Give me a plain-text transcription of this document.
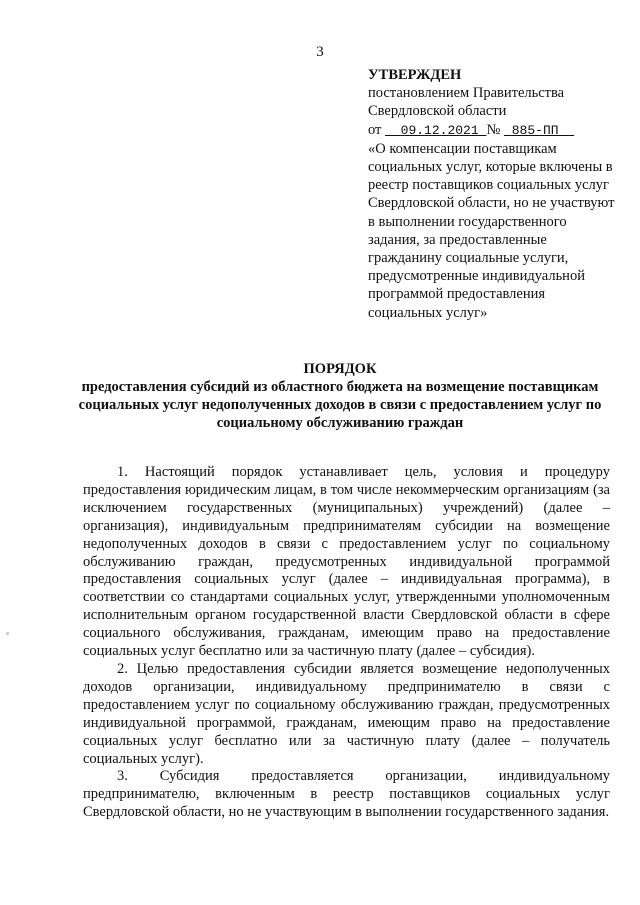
3
УТВЕРЖДЕН
постановлением Правительства
Свердловской области
от 09.12.2021 № 885-ПП
«О компенсации поставщикам социальных услуг, которые включены в реестр поставщиков социальных услуг Свердловской области, но не участвуют в выполнении государственного задания, за предоставленные гражданину социальные услуги, предусмотренные индивидуальной программой предоставления социальных услуг»
ПОРЯДОК
предоставления субсидий из областного бюджета на возмещение поставщикам социальных услуг недополученных доходов в связи с предоставлением услуг по социальному обслуживанию граждан

1. Настоящий порядок устанавливает цель, условия и процедуру предоставления юридическим лицам, в том числе некоммерческим организациям (за исключением государственных (муниципальных) учреждений) (далее – организация), индивидуальным предпринимателям субсидии на возмещение недополученных доходов в связи с предоставлением услуг по социальному обслуживанию граждан, предусмотренных индивидуальной программой предоставления социальных услуг (далее – индивидуальная программа), в соответствии со стандартами социальных услуг, утвержденными уполномоченным исполнительным органом государственной власти Свердловской области в сфере социального обслуживания, гражданам, имеющим право на предоставление социальных услуг бесплатно или за частичную плату (далее – субсидия).

2. Целью предоставления субсидии является возмещение недополученных доходов организации, индивидуальному предпринимателю в связи с предоставлением услуг по социальному обслуживанию граждан, предусмотренных индивидуальной программой, гражданам, имеющим право на предоставление социальных услуг бесплатно или за частичную плату (далее – получатель социальных услуг).

3. Субсидия предоставляется организации, индивидуальному предпринимателю, включенным в реестр поставщиков социальных услуг Свердловской области, но не участвующим в выполнении государственного задания.
